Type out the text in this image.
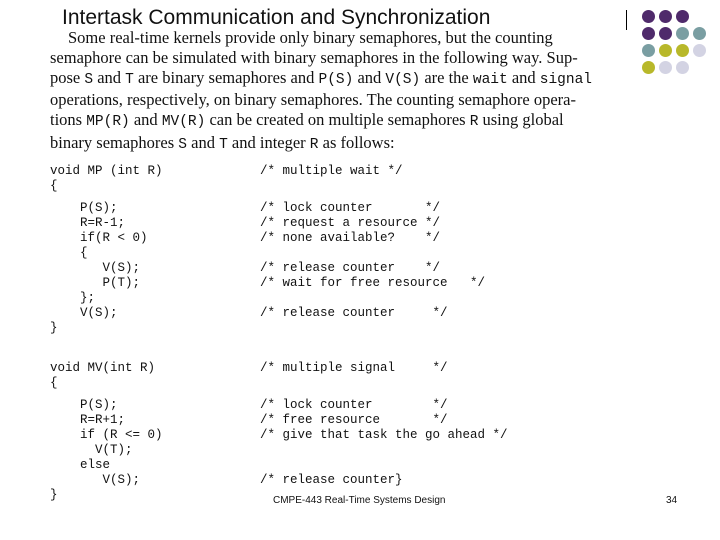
Intertask Communication and Synchronization
Some real-time kernels provide only binary semaphores, but the counting
semaphore can be simulated with binary semaphores in the following way. Sup-
pose S and T are binary semaphores and P(S) and V(S) are the wait and signal
operations, respectively, on binary semaphores. The counting semaphore opera-
tions MP(R) and MV(R) can be created on multiple semaphores R using global
binary semaphores S and T and integer R as follows:
void MP (int R)	/* multiple wait */
{
P(S);	/* lock counter       */
R=R-1;	/* request a resource */
if(R < 0)	/* none available?    */
{
V(S);	/* release counter    */
P(T);	/* wait for free resource   */
};
V(S);	/* release counter     */
}
void MV(int R)	/* multiple signal     */
{
P(S);	/* lock counter        */
R=R+1;	/* free resource       */
if (R <= 0)	/* give that task the go ahead */
V(T);
else
V(S);	/* release counter}
}	CMPE-443 Real-Time Systems Design	34
